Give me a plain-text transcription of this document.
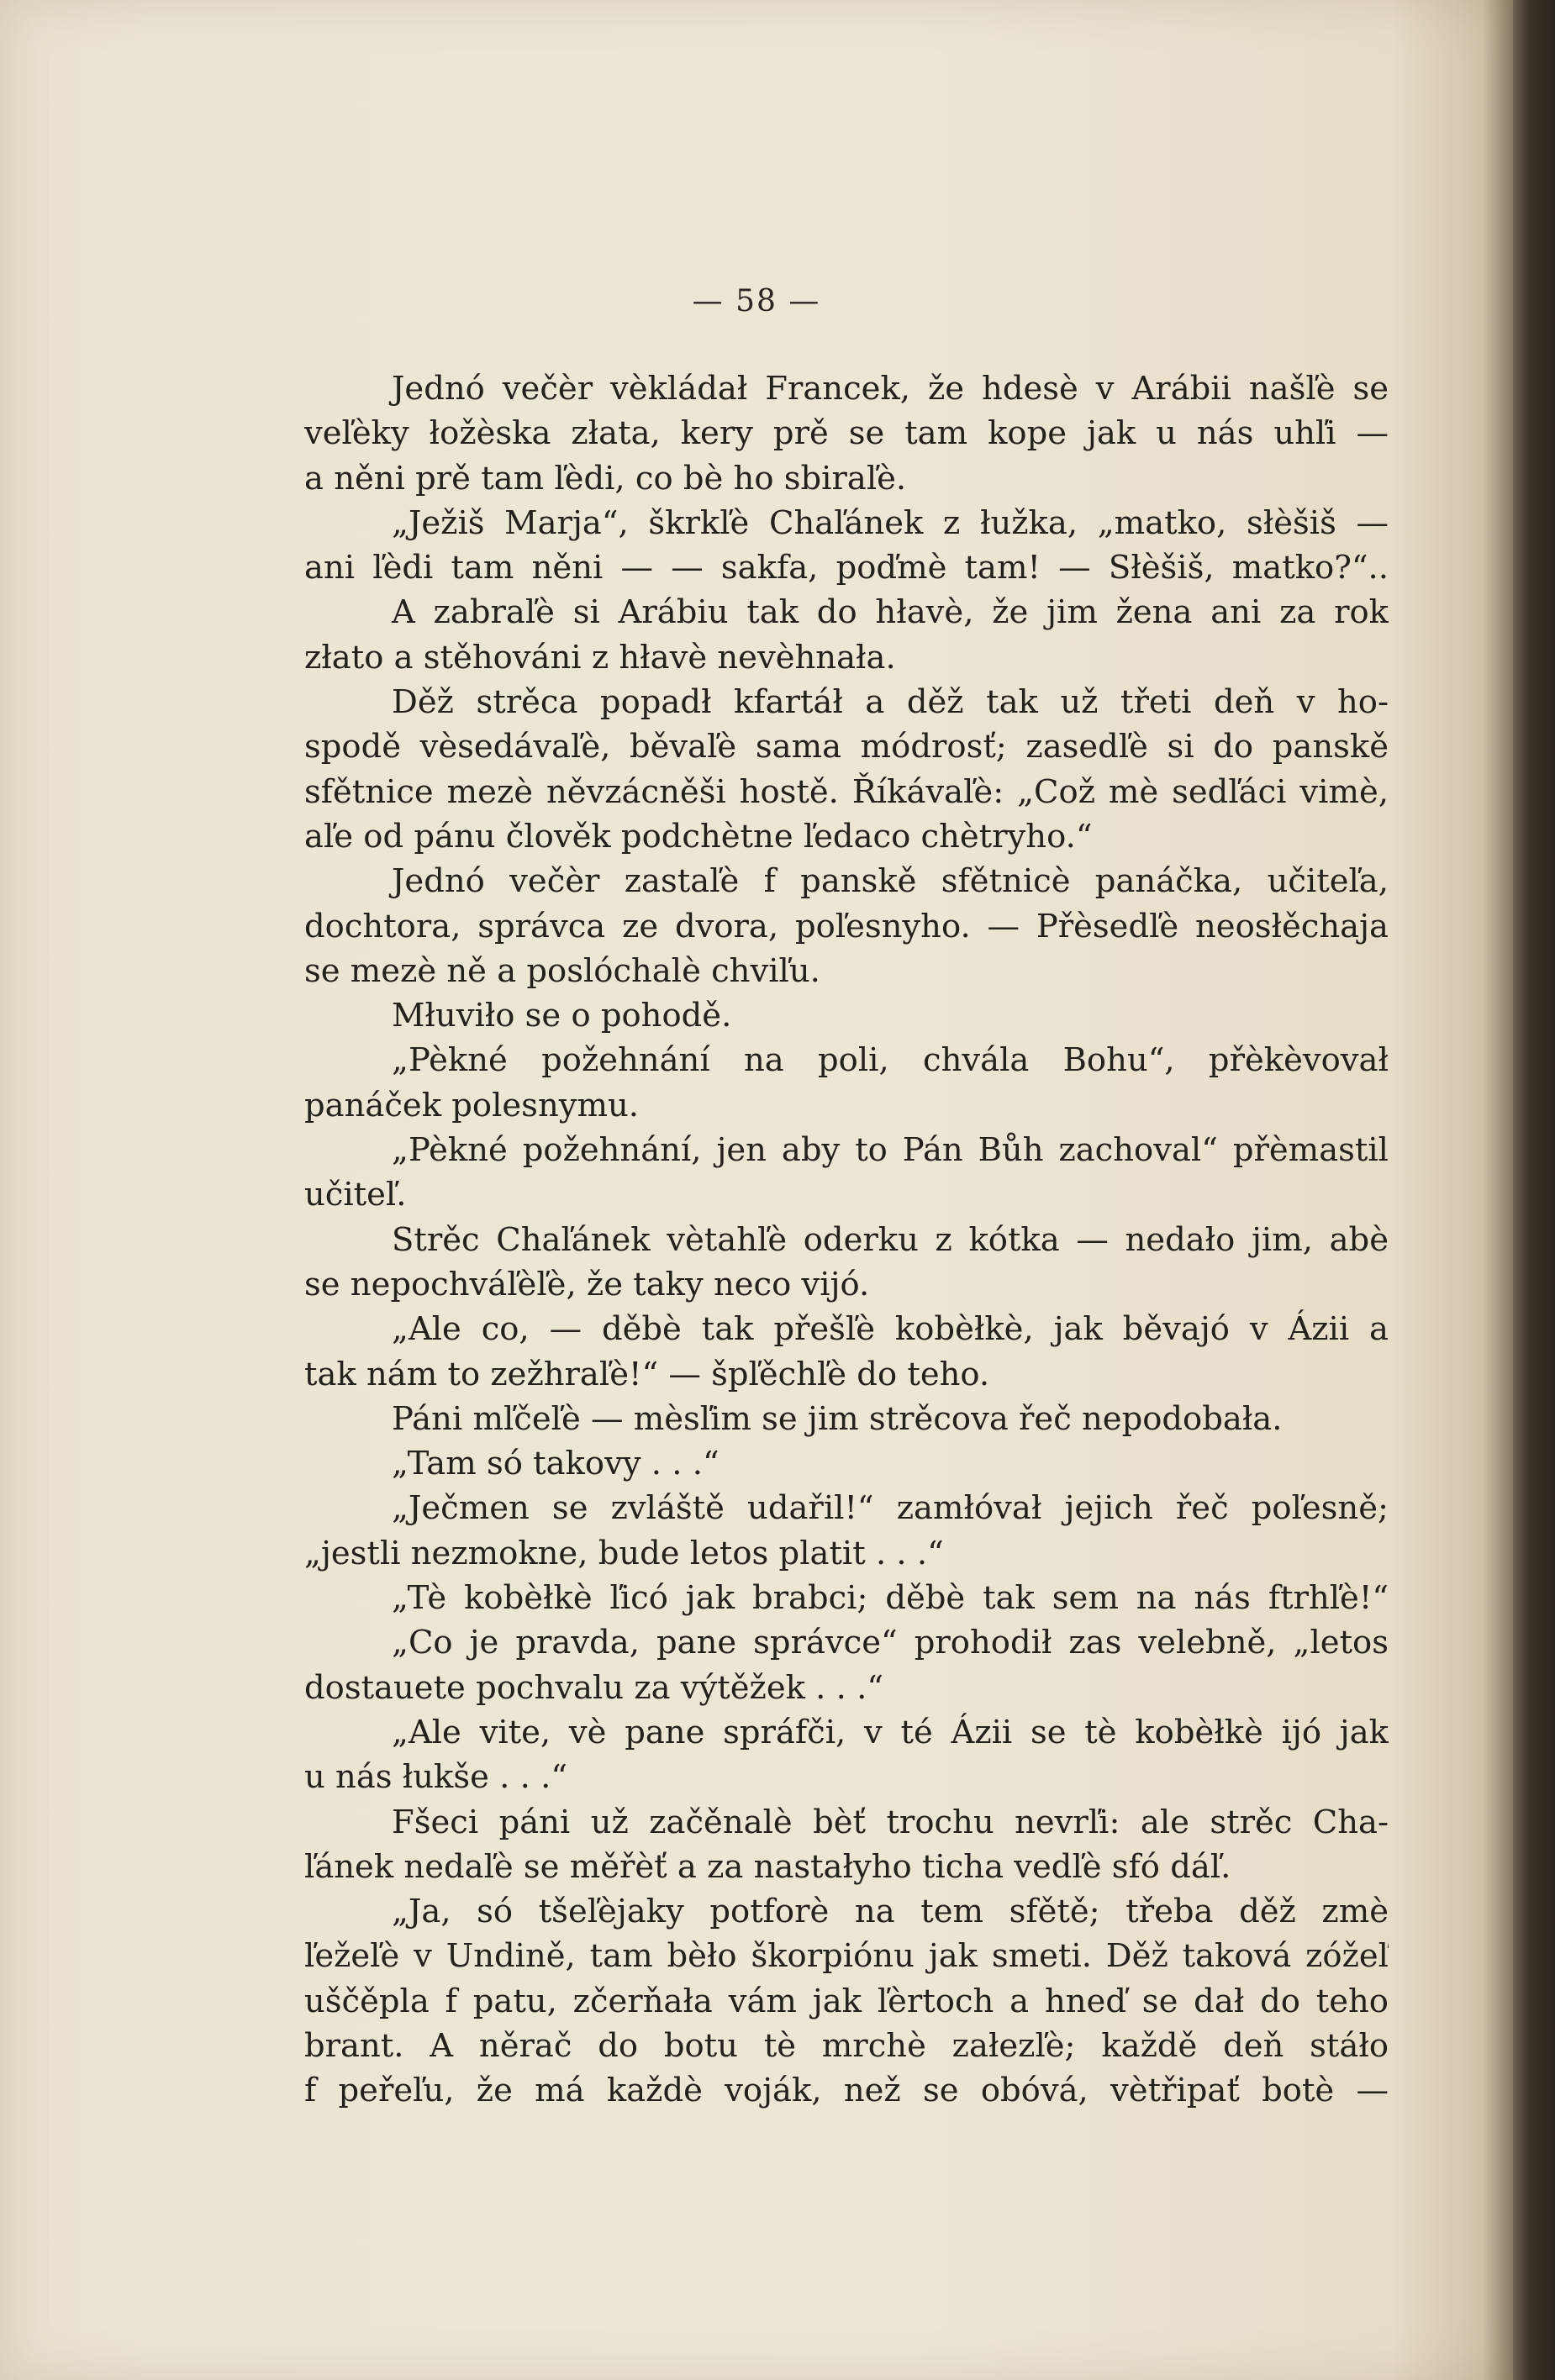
— 58 —
Jednó večèr vèkládał Francek, že hdesè v Arábii našľè se
veľèky łožèska złata, kery prě se tam kope jak u nás uhľi —
a něni prě tam ľèdi, co bè ho sbiraľè.
„Ježiš Marja“, škrkľè Chaľánek z łužka, „matko, słèšiš —
ani ľèdi tam něni — — sakfa, poďmè tam! — Słèšiš, matko?“..
A zabraľè si Arábiu tak do hłavè, že jim žena ani za rok
złato a stěhováni z hłavè nevèhnała.
Děž strěca popadł kfartáł a děž tak už třeti deň v ho-
spodě vèsedávaľè, běvaľè sama módrosť; zasedľè si do panskě
sfětnice mezè něvzácněši hostě. Říkávaľè: „Což mè sedľáci vimè,
aľe od pánu člověk podchètne ľedaco chètryho.“
Jednó večèr zastaľè f panskě sfětnicè panáčka, učiteľa,
dochtora, správca ze dvora, poľesnyho. — Přèsedľè neosłěchaja
se mezè ně a poslóchalè chviľu.
Młuviło se o pohodě.
„Pèkné požehnání na poli, chvála Bohu“, přèkèvovał
panáček polesnymu.
„Pèkné požehnání, jen aby to Pán Bůh zachoval“ přèmastil
učiteľ.
Strěc Chaľánek vètahľè oderku z kótka — nedało jim, abè
se nepochváľèľè, že taky neco vijó.
„Ale co, — děbè tak přešľè kobèłkè, jak běvajó v Ázii a
tak nám to zežhraľè!“ — špľěchľè do teho.
Páni mľčeľè — mèsľim se jim strěcova řeč nepodobała.
„Tam só takovy . . .“
„Ječmen se zvláště udařil!“ zamłóvał jejich řeč poľesně;
„jestli nezmokne, bude letos platit . . .“
„Tè kobèłkè ľicó jak brabci; děbè tak sem na nás ftrhľè!“
„Co je pravda, pane správce“ prohodił zas velebně, „letos
dostauete pochvalu za výtěžek . . .“
„Ale vite, vè pane spráfči, v té Ázii se tè kobèłkè ijó jak
u nás łukše . . .“
Fšeci páni už začěnalè bèť trochu nevrľi: ale strěc Cha-
ľánek nedaľè se měřèť a za nastałyho ticha vedľè sfó dáľ.
„Ja, só tšeľèjaky potforè na tem sfětě; třeba děž zmè
ľežeľè v Undině, tam bèło škorpiónu jak smeti. Děž taková zóžeľ
uščěpla f patu, zčerňała vám jak ľèrtoch a hneď se dał do teho
brant. A něrač do botu tè mrchè załezľè; každě deň stáło
f peřeľu, že má každè voják, než se obóvá, vètřipať botè —
